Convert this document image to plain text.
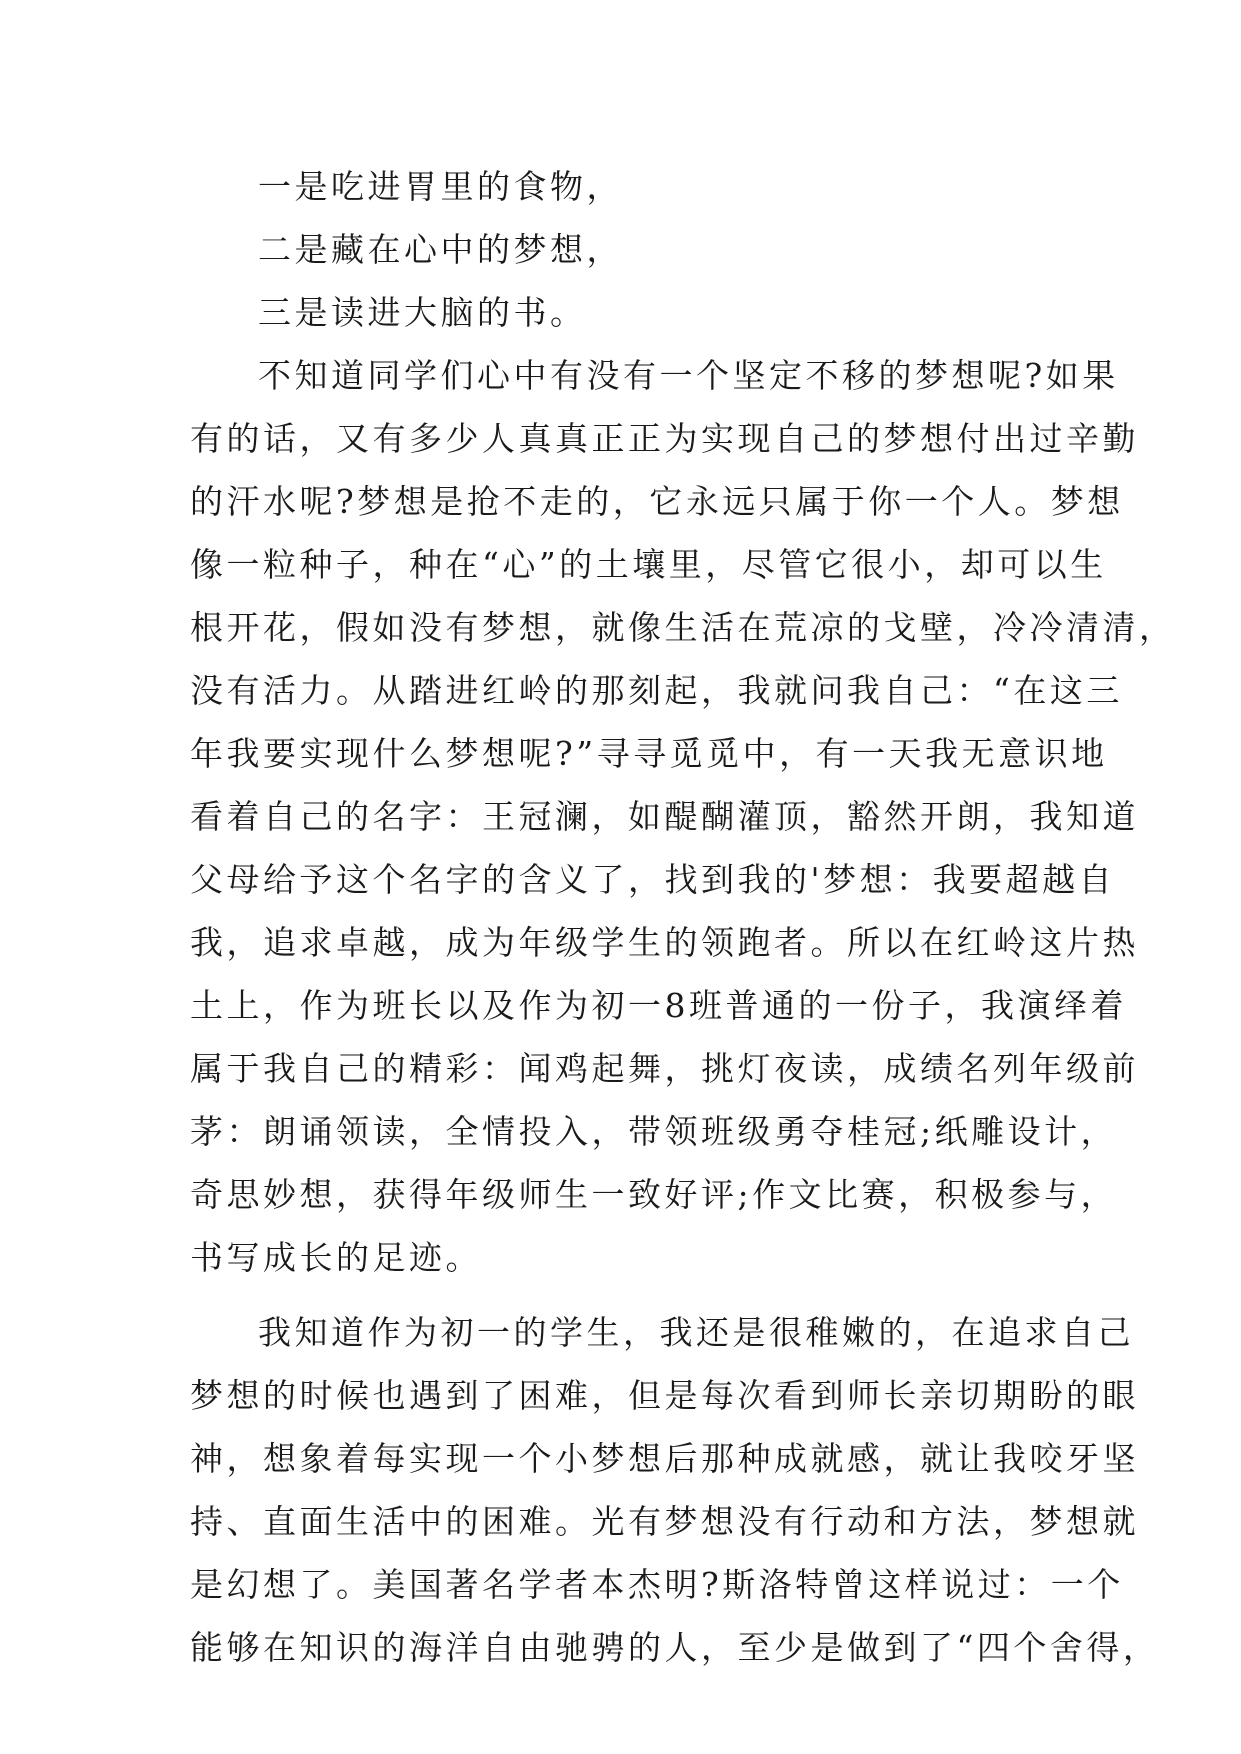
一是吃进胃里的食物，
二是藏在心中的梦想，
三是读进大脑的书。
不知道同学们心中有没有一个坚定不移的梦想呢?如果
有的话，又有多少人真真正正为实现自己的梦想付出过辛勤
的汗水呢?梦想是抢不走的，它永远只属于你一个人。梦想
像一粒种子，种在“心”的土壤里，尽管它很小，却可以生
根开花，假如没有梦想，就像生活在荒凉的戈壁，冷冷清清，
没有活力。从踏进红岭的那刻起，我就问我自己：“在这三
年我要实现什么梦想呢?”寻寻觅觅中，有一天我无意识地
看着自己的名字：王冠澜，如醍醐灌顶，豁然开朗，我知道
父母给予这个名字的含义了，找到我的'梦想：我要超越自
我，追求卓越，成为年级学生的领跑者。所以在红岭这片热
土上，作为班长以及作为初一8班普通的一份子，我演绎着
属于我自己的精彩：闻鸡起舞，挑灯夜读，成绩名列年级前
茅：朗诵领读，全情投入，带领班级勇夺桂冠;纸雕设计，
奇思妙想，获得年级师生一致好评;作文比赛，积极参与，
书写成长的足迹。
我知道作为初一的学生，我还是很稚嫩的，在追求自己
梦想的时候也遇到了困难，但是每次看到师长亲切期盼的眼
神，想象着每实现一个小梦想后那种成就感，就让我咬牙坚
持、直面生活中的困难。光有梦想没有行动和方法，梦想就
是幻想了。美国著名学者本杰明?斯洛特曾这样说过：一个
能够在知识的海洋自由驰骋的人，至少是做到了“四个舍得，
